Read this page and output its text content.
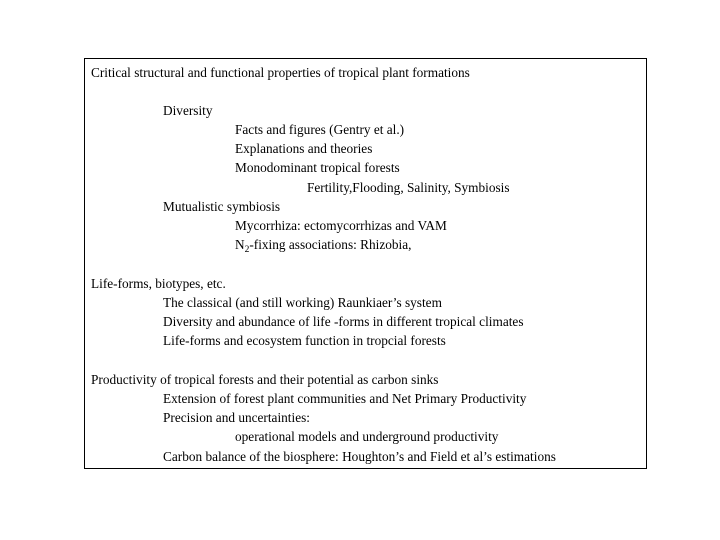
Critical structural and functional properties of tropical plant formations
Diversity
Facts and figures (Gentry et al.)
Explanations and theories
Monodominant tropical forests
Fertility,Flooding, Salinity, Symbiosis
Mutualistic symbiosis
Mycorrhiza: ectomycorrhizas and VAM
$N_2$-fixing associations: Rhizobia,
Life-forms, biotypes, etc.
The classical (and still working) Raunkiaer’s system
Diversity and abundance of life -forms in different tropical climates
Life-forms and ecosystem function in tropcial forests
Productivity of tropical forests and their potential as carbon sinks
Extension of forest plant communities and Net Primary Productivity
Precision and uncertainties:
operational models and underground productivity
Carbon balance of the biosphere: Houghton’s and Field et al’s estimations
